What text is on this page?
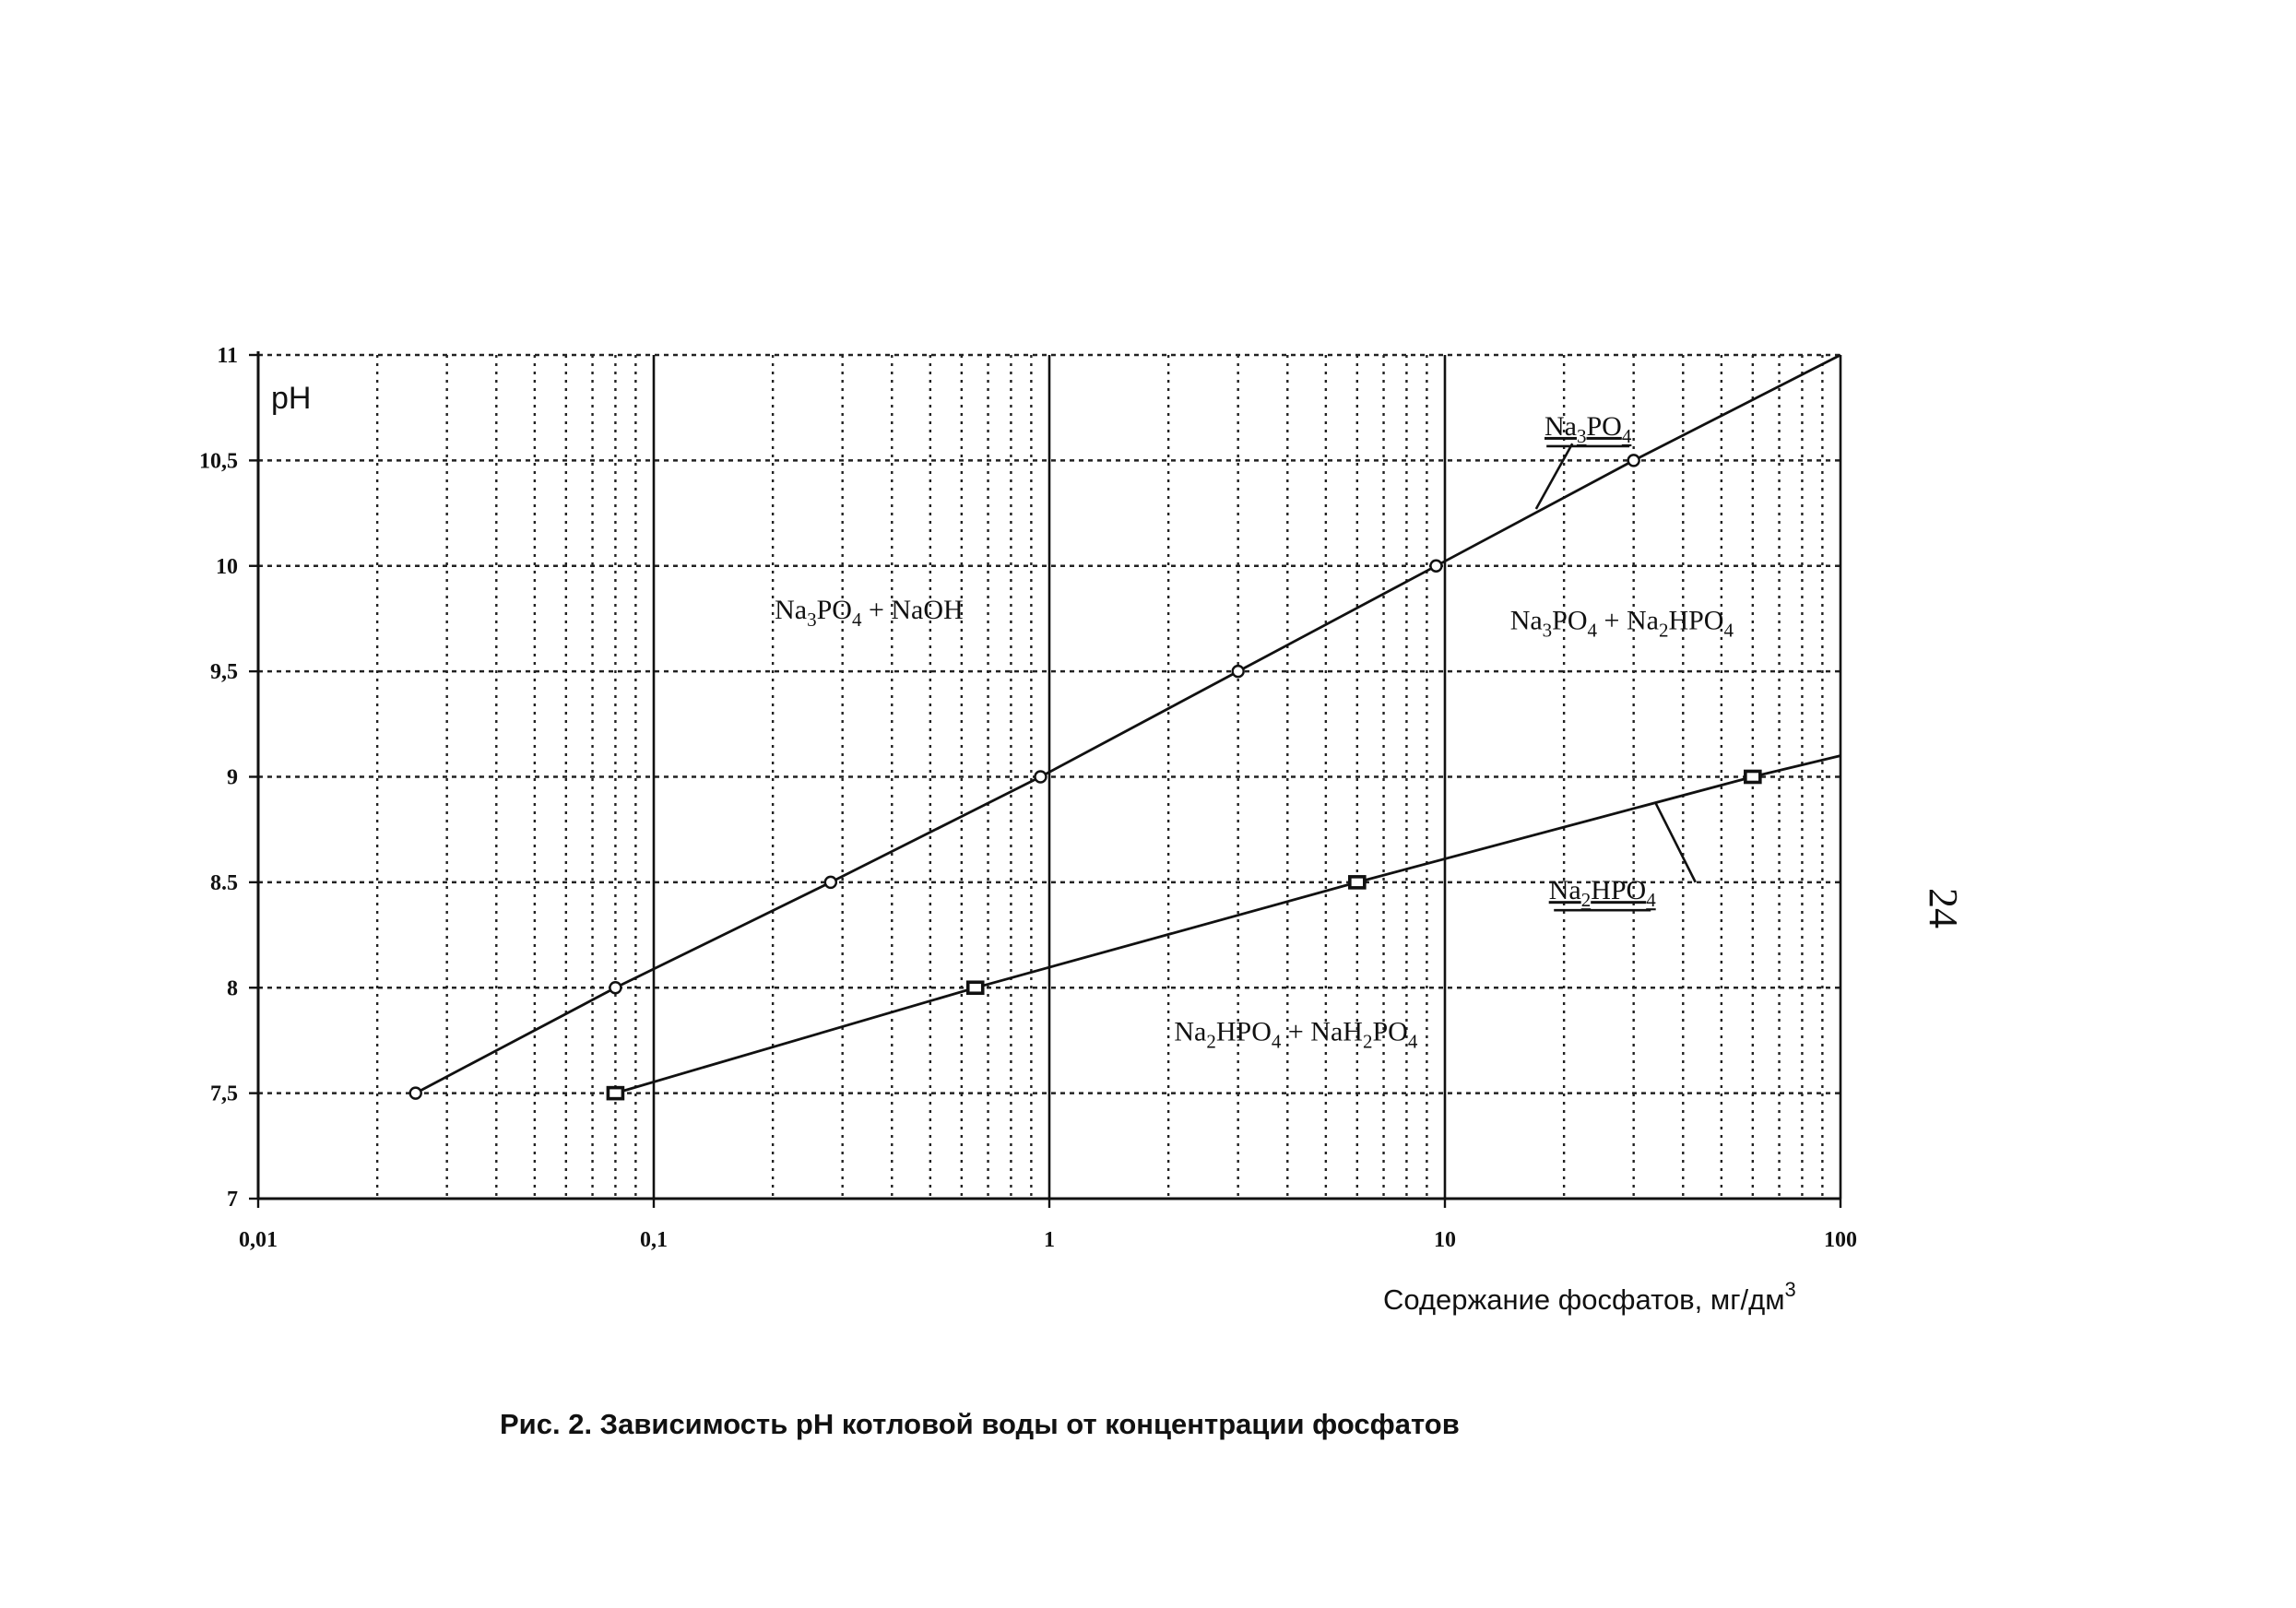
7
7,5
8
8.5
9
9,5
10
10,5
11
0,01	0,1	1	10	100
$Na_3PO_4$ + NaOH	$Na_3PO_4 + Na_2HPO_4$
$Na_2HPO_4 + NaH_2PO_4$
$Na_3PO_4$
$Na_2HPO_4$
pH
Содержание фосфатов, $мг/дм^3$
Рис. 2. Зависимость рН котловой воды от концентрации фосфатов
24
